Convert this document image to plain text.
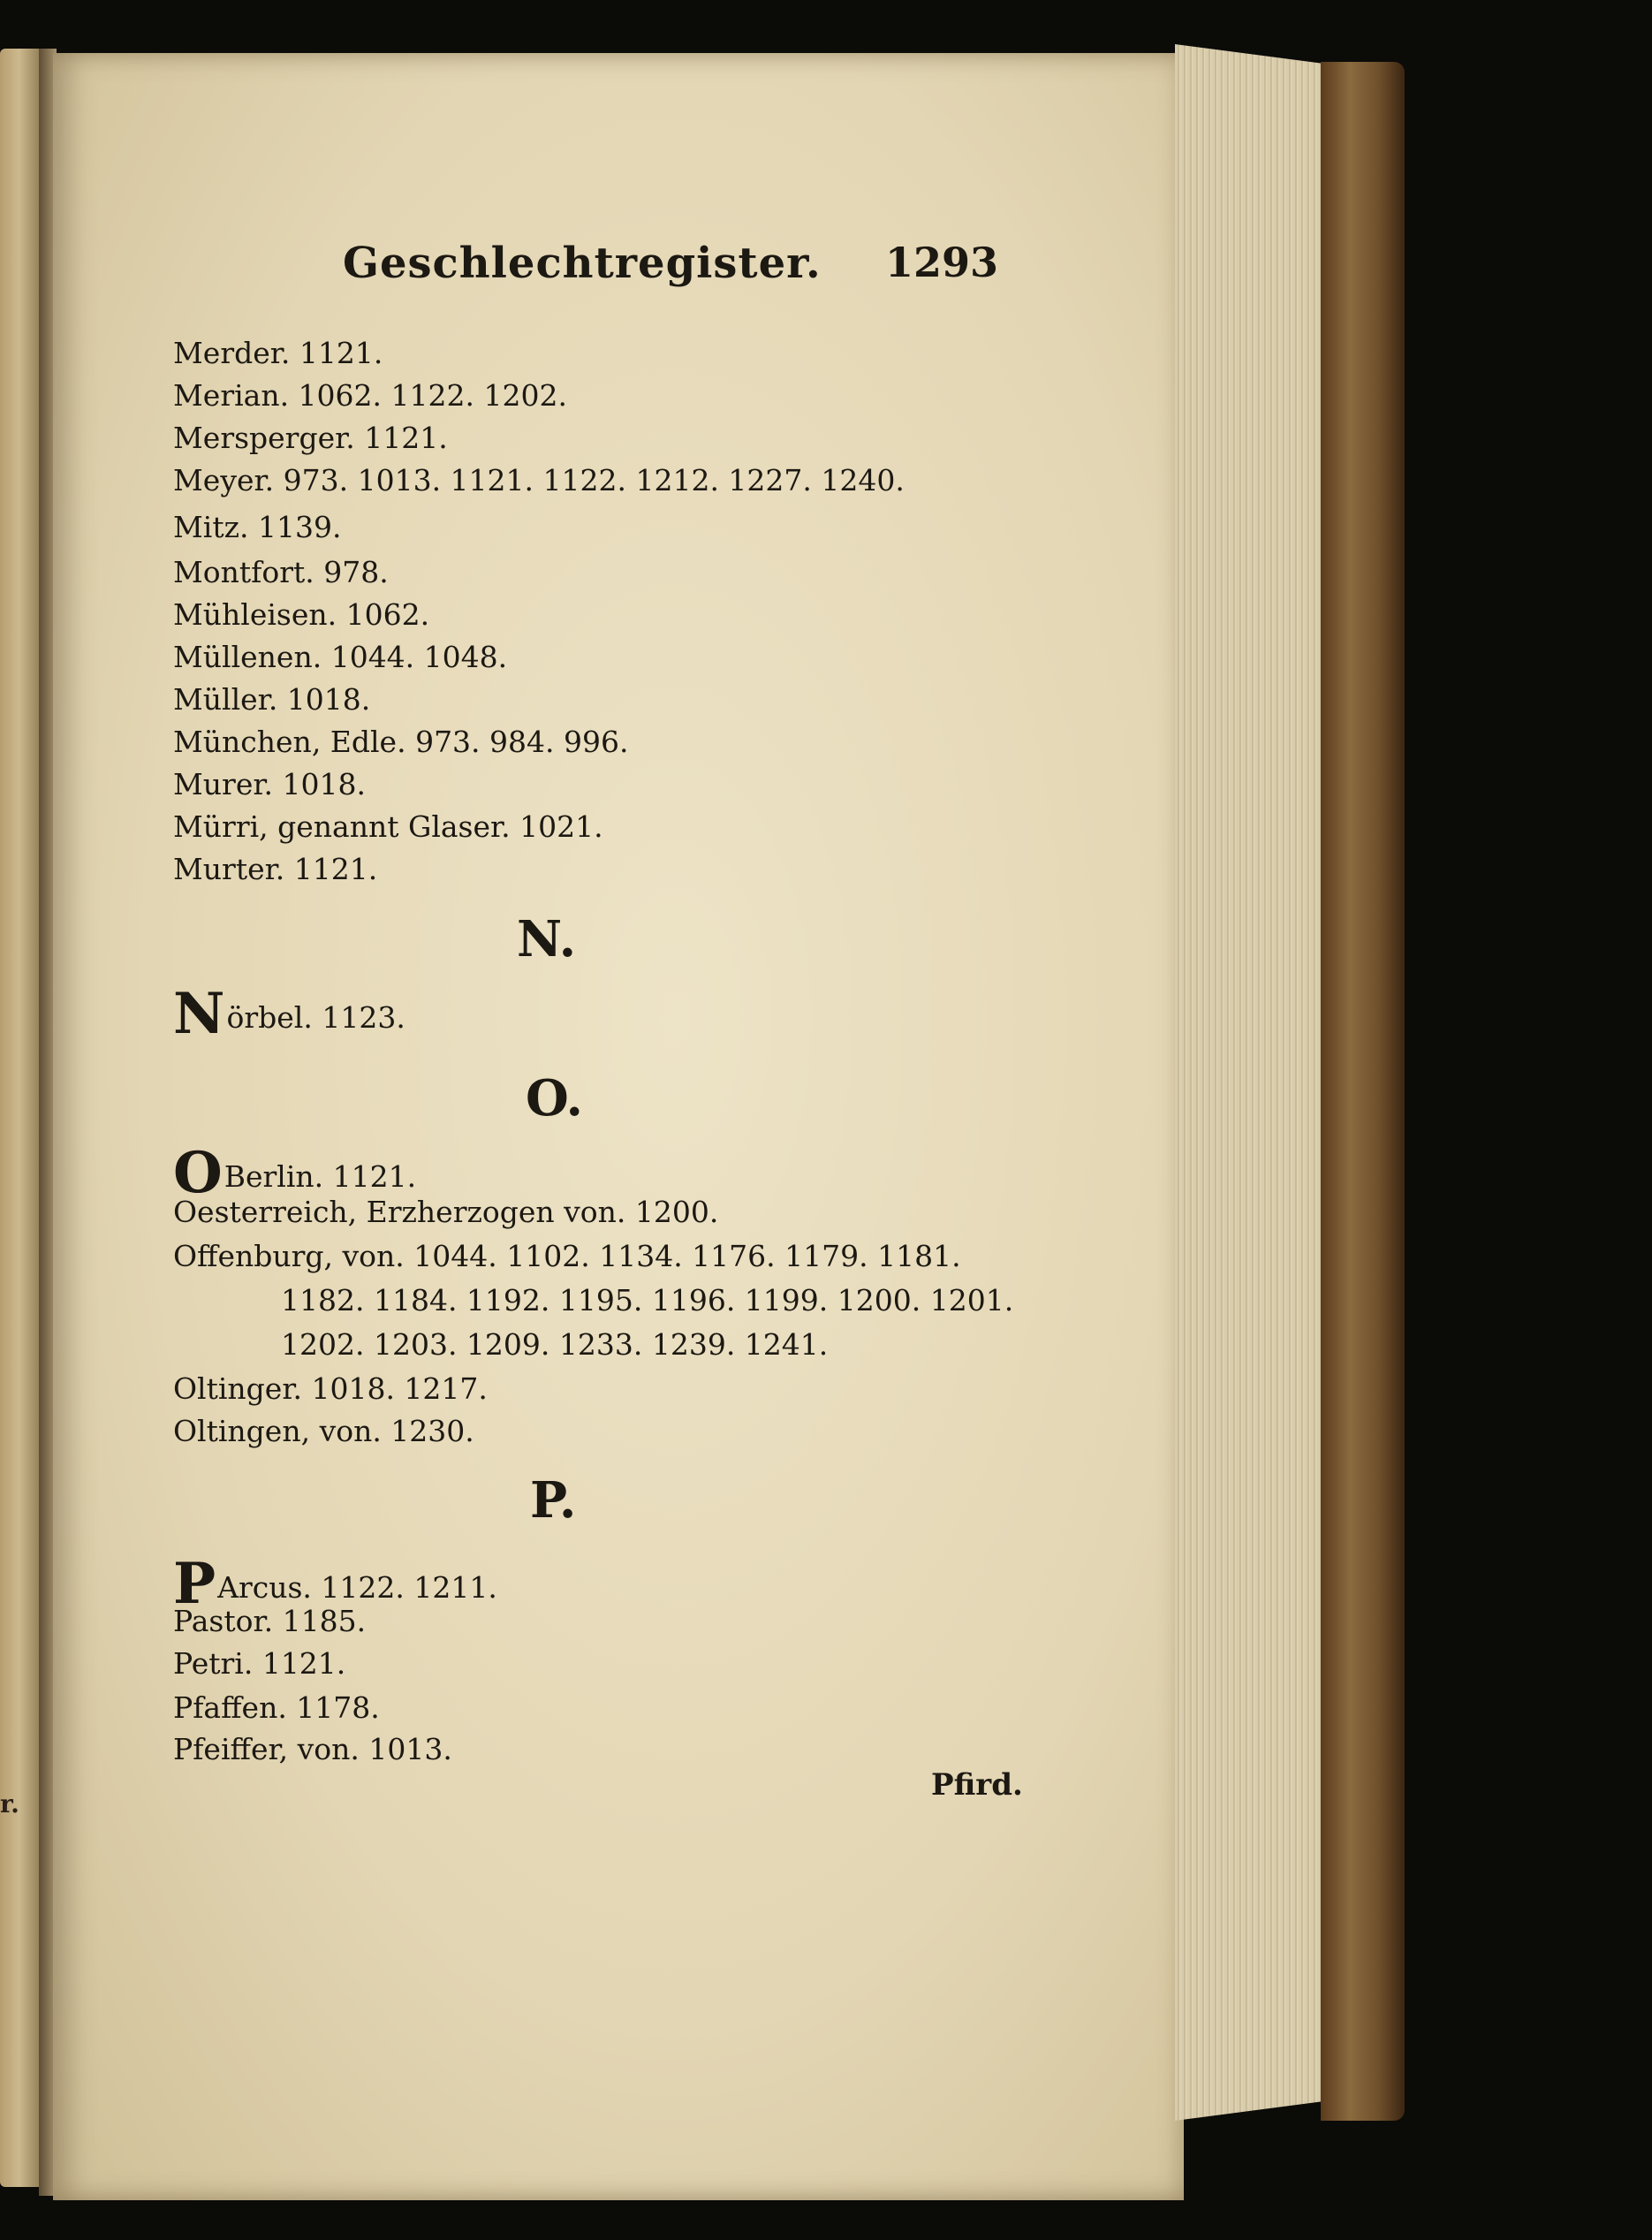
r.
Geschlechtregister. 1293
Merder. 1121.
Merian. 1062. 1122. 1202.
Mersperger. 1121.
Meyer. 973. 1013. 1121. 1122. 1212. 1227. 1240.
Mitz. 1139.
Montfort. 978.
Mühleisen. 1062.
Müllenen. 1044. 1048.
Müller. 1018.
München, Edle. 973. 984. 996.
Murer. 1018.
Mürri, genannt Glaser. 1021.
Murter. 1121.
N.
Nörbel. 1123.
O.
OBerlin. 1121.
Oesterreich, Erzherzogen von. 1200.
Offenburg, von. 1044. 1102. 1134. 1176. 1179. 1181.
1182. 1184. 1192. 1195. 1196. 1199. 1200. 1201.
1202. 1203. 1209. 1233. 1239. 1241.
Oltinger. 1018. 1217.
Oltingen, von. 1230.
P.
PArcus. 1122. 1211.
Pastor. 1185.
Petri. 1121.
Pfaffen. 1178.
Pfeiffer, von. 1013.
Pfird.
